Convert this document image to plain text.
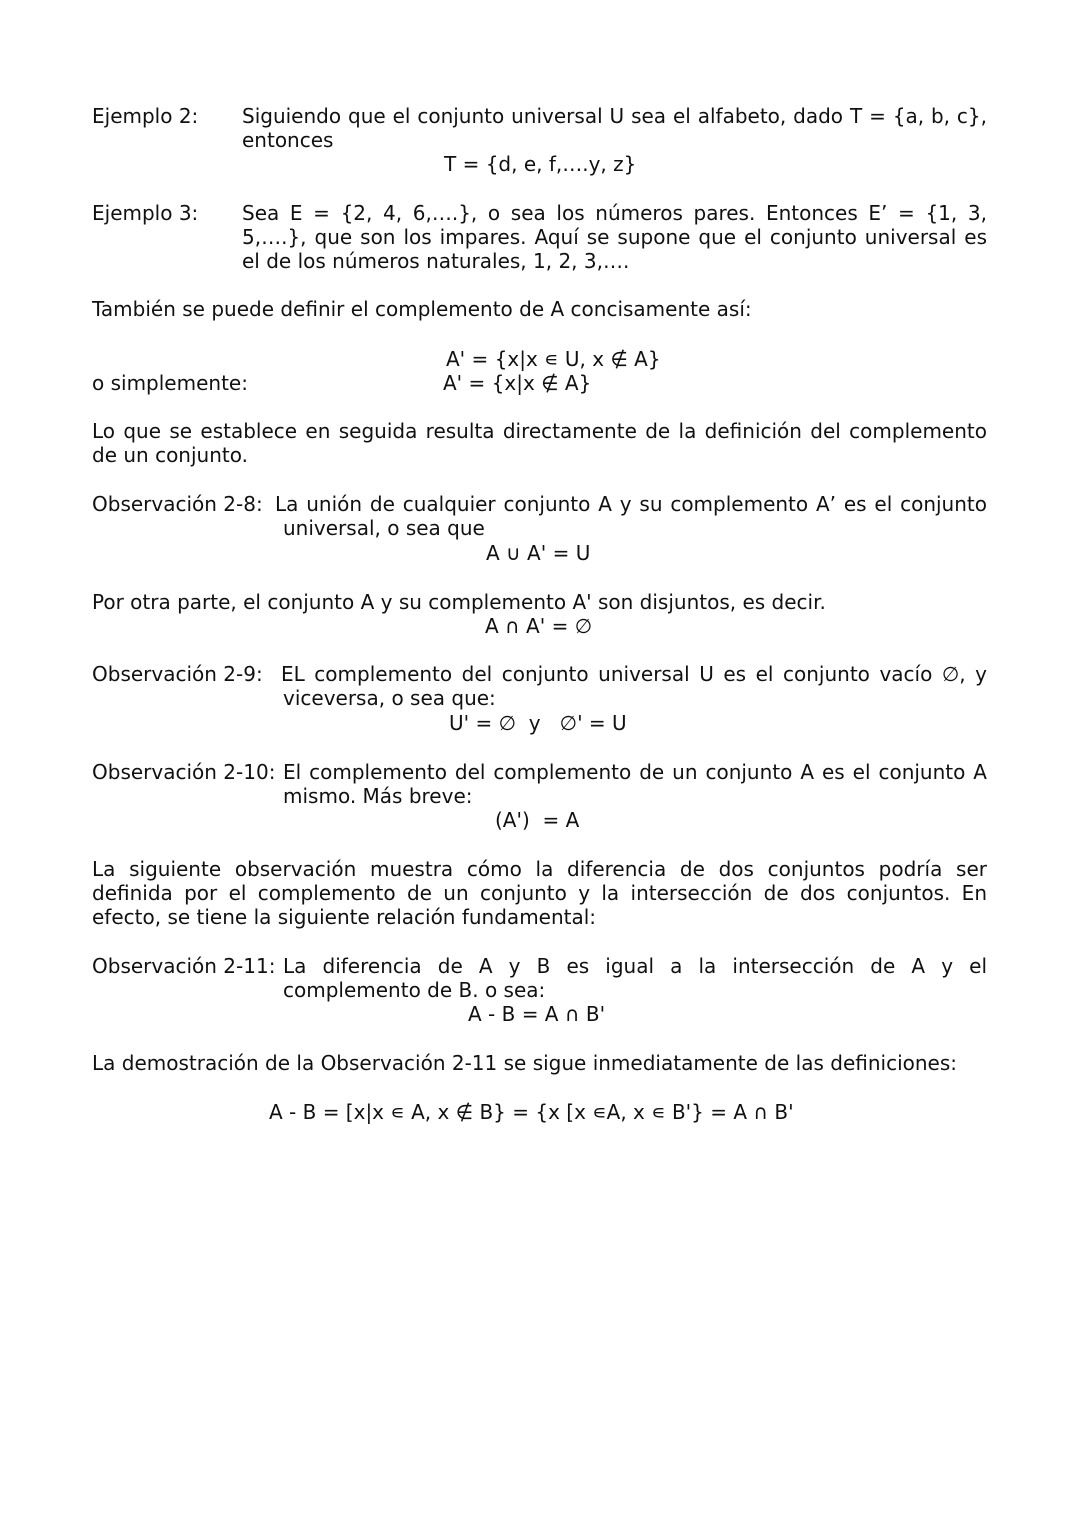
Ejemplo 2: Siguiendo que el conjunto universal U sea el alfabeto, dado T = {a, b, c},
entonces
T = {d, e, f,….y, z}
Ejemplo 3: Sea E = {2, 4, 6,….}, o sea los números pares. Entonces E’ = {1, 3,
5,….}, que son los impares. Aquí se supone que el conjunto universal es
el de los números naturales, 1, 2, 3,….
También se puede definir el complemento de A concisamente así:
A' = {x|x ∊ U, x ∉ A}
o simplemente:	A' = {x|x ∉ A}
Lo que se establece en seguida resulta directamente de la definición del complemento
de un conjunto.
Observación 2-8: La unión de cualquier conjunto A y su complemento A’ es el conjunto
universal, o sea que
A ∪ A' = U
Por otra parte, el conjunto A y su complemento A' son disjuntos, es decir.
A ∩ A' = ∅
Observación 2-9: EL complemento del conjunto universal U es el conjunto vacío ∅, y
viceversa, o sea que:
U' = ∅  y   ∅' = U
Observación 2-10: El complemento del complemento de un conjunto A es el conjunto A
mismo. Más breve:
(A')  = A
La siguiente observación muestra cómo la diferencia de dos conjuntos podría ser
definida por el complemento de un conjunto y la intersección de dos conjuntos. En
efecto, se tiene la siguiente relación fundamental:
Observación 2-11: La diferencia de A y B es igual a la intersección de A y el
complemento de B. o sea:
A - B = A ∩ B'
La demostración de la Observación 2-11 se sigue inmediatamente de las definiciones:
A - B = [x|x ∊ A, x ∉ B} = {x [x ∊A, x ∊ B'} = A ∩ B'
